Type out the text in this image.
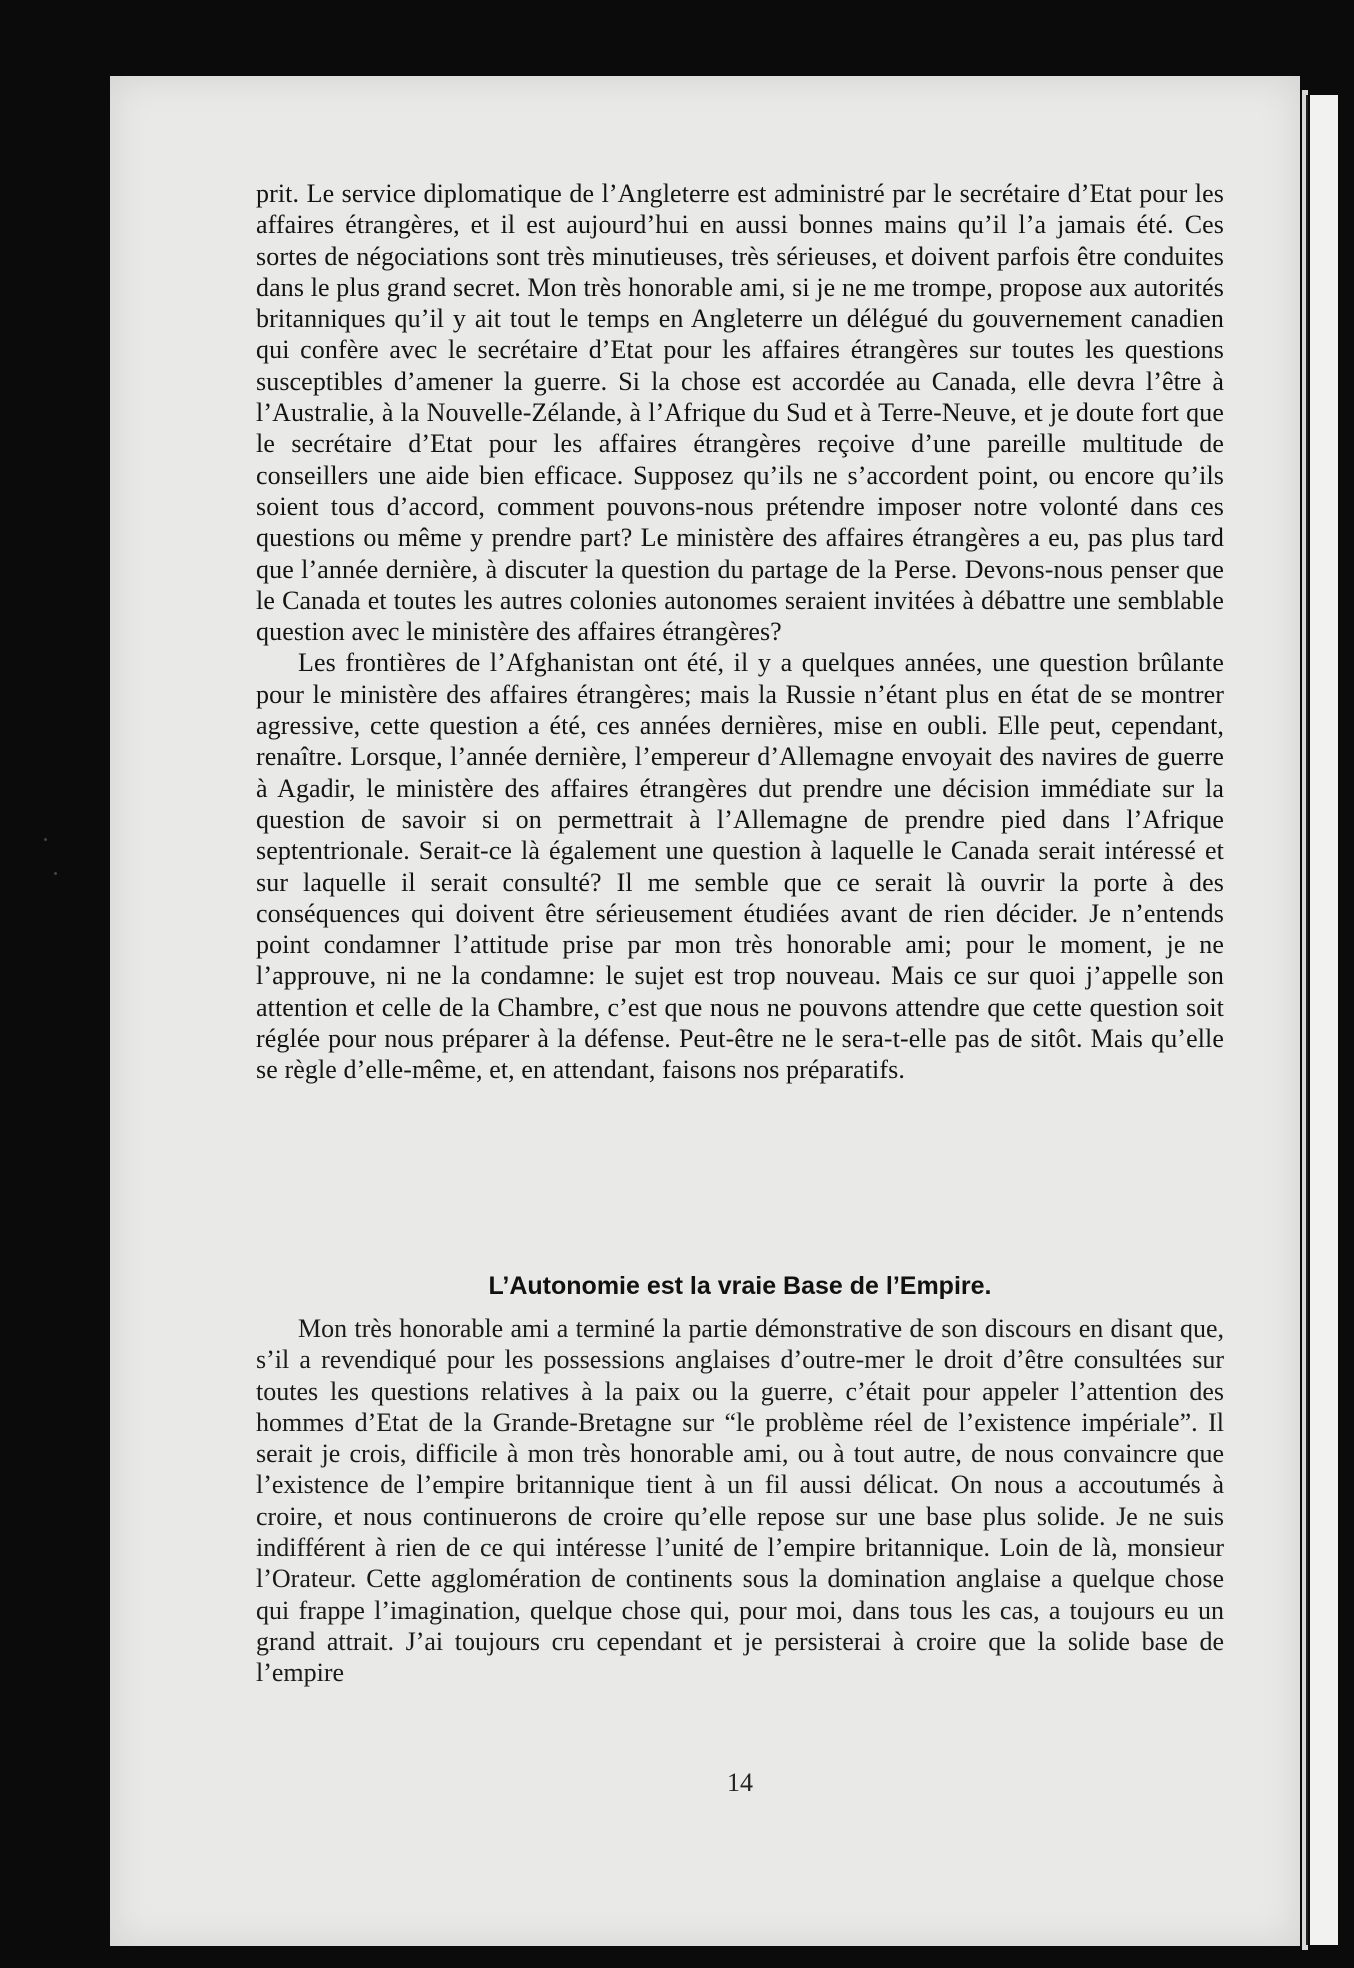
prit. Le service diplomatique de l’Angleterre est administré par le secrétaire d’Etat pour les affaires étrangères, et il est aujourd’hui en aussi bonnes mains qu’il l’a jamais été. Ces sortes de négociations sont très minutieuses, très sérieuses, et doivent parfois être conduites dans le plus grand secret. Mon très honorable ami, si je ne me trompe, propose aux autorités britanniques qu’il y ait tout le temps en Angleterre un délégué du gouvernement canadien qui confère avec le secrétaire d’Etat pour les affaires étrangères sur toutes les questions susceptibles d’amener la guerre. Si la chose est accordée au Canada, elle devra l’être à l’Australie, à la Nouvelle-Zélande, à l’Afrique du Sud et à Terre-Neuve, et je doute fort que le secrétaire d’Etat pour les affaires étrangères reçoive d’une pareille multitude de conseillers une aide bien efficace. Supposez qu’ils ne s’accordent point, ou encore qu’ils soient tous d’accord, comment pouvons-nous prétendre imposer notre volonté dans ces questions ou même y prendre part? Le ministère des affaires étrangères a eu, pas plus tard que l’année dernière, à discuter la question du partage de la Perse. Devons-nous penser que le Canada et toutes les autres colonies autonomes seraient invitées à débattre une semblable question avec le ministère des affaires étrangères?

Les frontières de l’Afghanistan ont été, il y a quelques années, une question brûlante pour le ministère des affaires étrangères; mais la Russie n’étant plus en état de se montrer agressive, cette question a été, ces années dernières, mise en oubli. Elle peut, cependant, renaître. Lorsque, l’année dernière, l’empereur d’Allemagne envoyait des navires de guerre à Agadir, le ministère des affaires étrangères dut prendre une décision immédiate sur la question de savoir si on permettrait à l’Allemagne de prendre pied dans l’Afrique septentrionale. Serait-ce là également une question à laquelle le Canada serait intéressé et sur laquelle il serait consulté? Il me semble que ce serait là ouvrir la porte à des conséquences qui doivent être sérieusement étudiées avant de rien décider. Je n’entends point condamner l’attitude prise par mon très honorable ami; pour le moment, je ne l’approuve, ni ne la condamne: le sujet est trop nouveau. Mais ce sur quoi j’appelle son attention et celle de la Chambre, c’est que nous ne pouvons attendre que cette question soit réglée pour nous préparer à la défense. Peut-être ne le sera-t-elle pas de sitôt. Mais qu’elle se règle d’elle-même, et, en attendant, faisons nos préparatifs.

L’Autonomie est la vraie Base de l’Empire.

Mon très honorable ami a terminé la partie démonstrative de son discours en disant que, s’il a revendiqué pour les possessions anglaises d’outre-mer le droit d’être consultées sur toutes les questions relatives à la paix ou la guerre, c’était pour appeler l’attention des hommes d’Etat de la Grande-Bretagne sur “le problème réel de l’existence impériale”. Il serait je crois, difficile à mon très honorable ami, ou à tout autre, de nous convaincre que l’existence de l’empire britannique tient à un fil aussi délicat. On nous a accoutumés à croire, et nous continuerons de croire qu’elle repose sur une base plus solide. Je ne suis indifférent à rien de ce qui intéresse l’unité de l’empire britannique. Loin de là, monsieur l’Orateur. Cette agglomération de continents sous la domination anglaise a quelque chose qui frappe l’imagination, quelque chose qui, pour moi, dans tous les cas, a toujours eu un grand attrait. J’ai toujours cru cependant et je persisterai à croire que la solide base de l’empire

14
